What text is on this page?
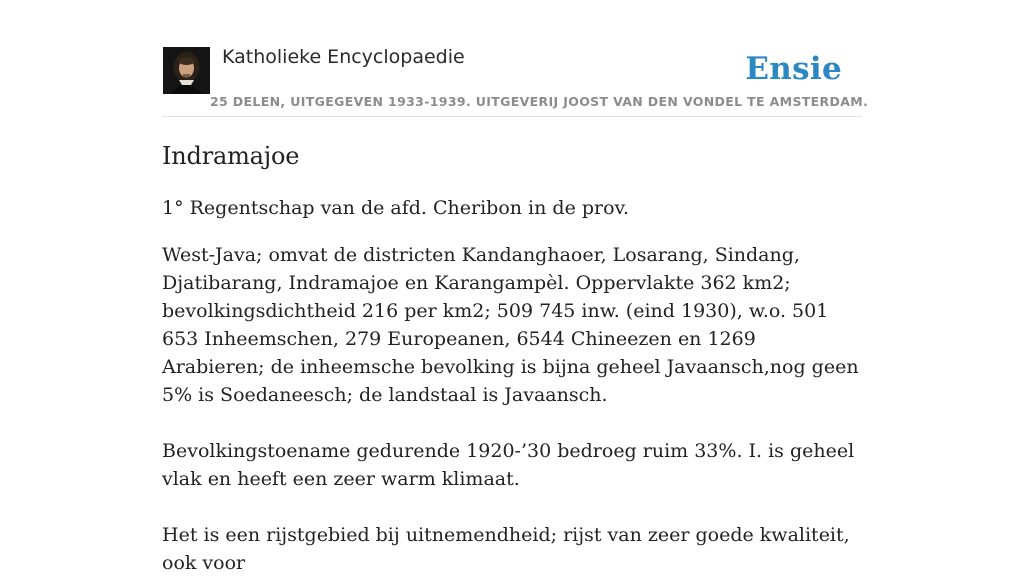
Katholieke Encyclopaedie	Ensie
25 DELEN, UITGEGEVEN 1933-1939. UITGEVERIJ JOOST VAN DEN VONDEL TE AMSTERDAM.
Indramajoe

1° Regentschap van de afd. Cheribon in de prov.

West-Java; omvat de districten Kandanghaoer, Losarang, Sindang, Djatibarang, Indramajoe en Karangampèl. Oppervlakte 362 km2; bevolkingsdichtheid 216 per km2; 509 745 inw. (eind 1930), w.o. 501 653 Inheemschen, 279 Europeanen, 6544 Chineezen en 1269 Arabieren; de inheemsche bevolking is bijna geheel Javaansch,nog geen 5% is Soedaneesch; de landstaal is Javaansch.

Bevolkingstoename gedurende 1920-’30 bedroeg ruim 33%. I. is geheel vlak en heeft een zeer warm klimaat.

Het is een rijstgebied bij uitnemendheid; rijst van zeer goede kwaliteit, ook voor
